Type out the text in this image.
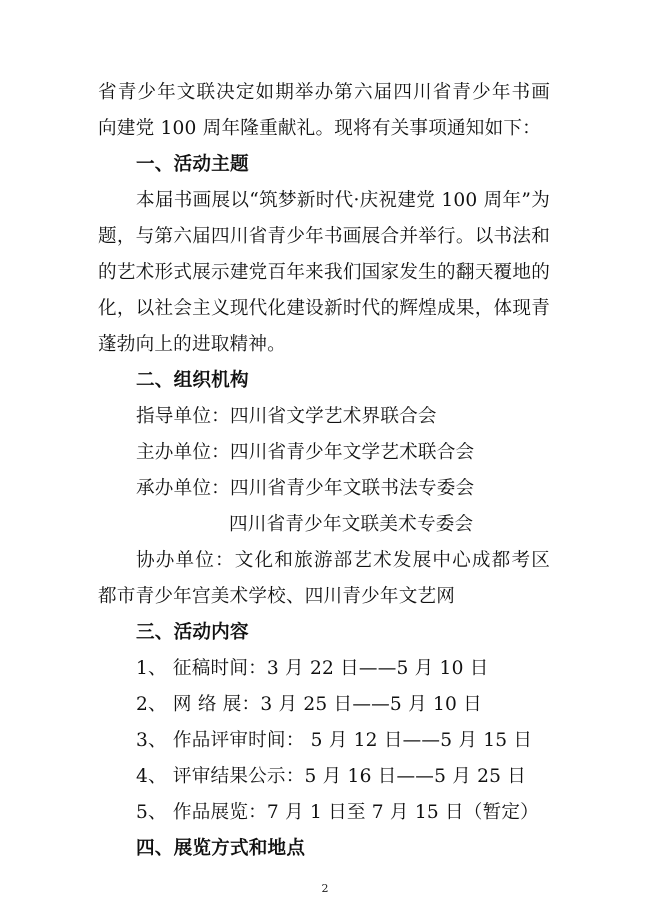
省青少年文联决定如期举办第六届四川省青少年书画
向建党 100 周年隆重献礼。现将有关事项通知如下：
一、活动主题
本届书画展以“筑梦新时代·庆祝建党 100 周年”为
题，与第六届四川省青少年书画展合并举行。以书法和
的艺术形式展示建党百年来我们国家发生的翻天覆地的
化，以社会主义现代化建设新时代的辉煌成果，体现青
蓬勃向上的进取精神。
二、组织机构
指导单位：四川省文学艺术界联合会
主办单位：四川省青少年文学艺术联合会
承办单位：四川省青少年文联书法专委会
四川省青少年文联美术专委会
协办单位：文化和旅游部艺术发展中心成都考区
都市青少年宫美术学校、四川青少年文艺网
三、活动内容
1、 征稿时间：3 月 22 日——5 月 10 日
2、 网 络 展：3 月 25 日——5 月 10 日
3、 作品评审时间： 5 月 12 日——5 月 15 日
4、 评审结果公示：5 月 16 日——5 月 25 日
5、 作品展览：7 月 1 日至 7 月 15 日（暂定）
四、展览方式和地点
2
